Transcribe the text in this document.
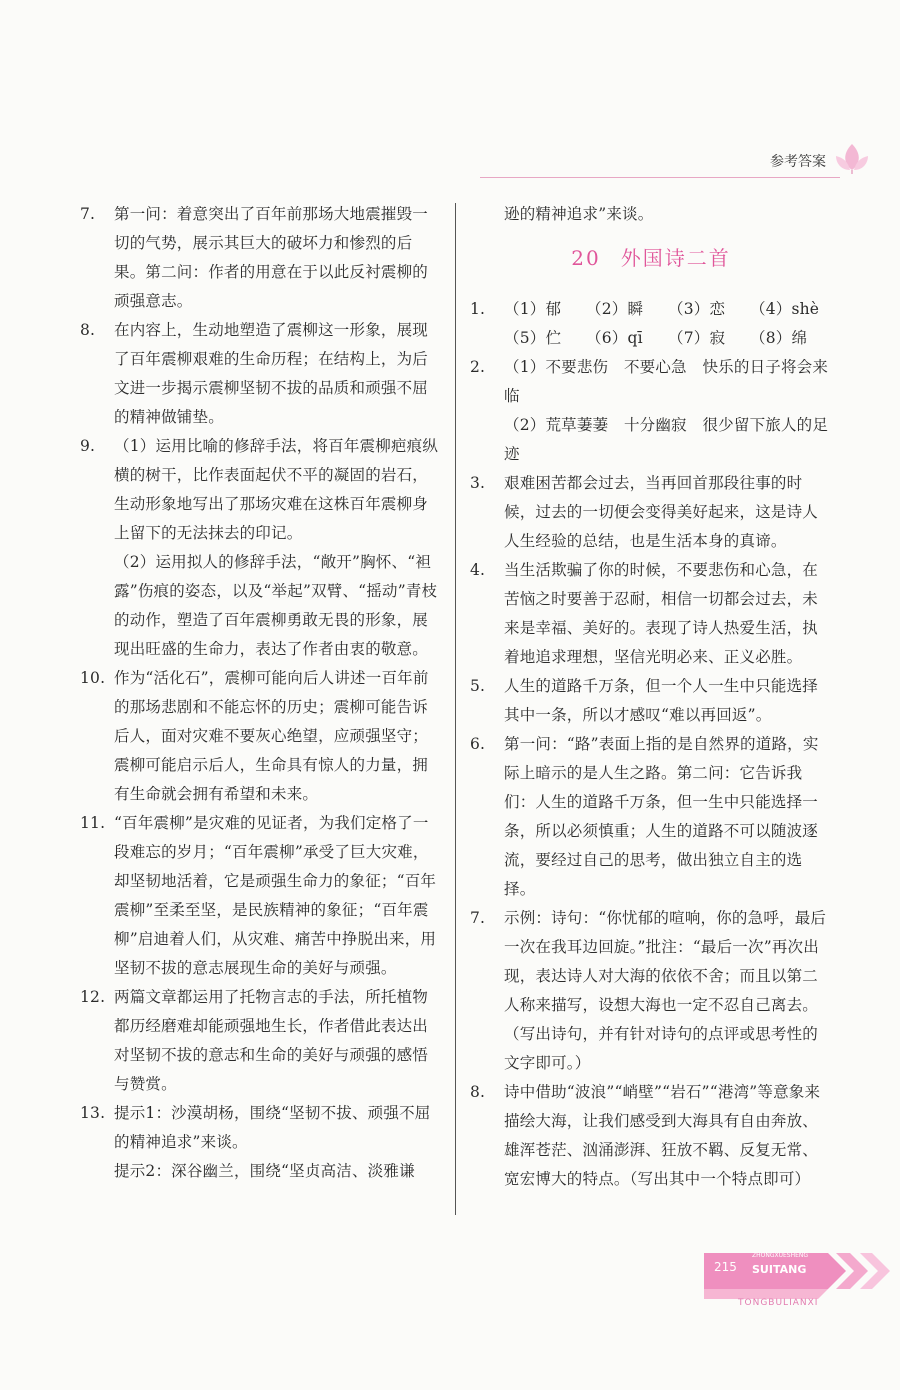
参考答案
7. 第一问：着意突出了百年前那场大地震摧毁一切的气势，展示其巨大的破坏力和惨烈的后果。第二问：作者的用意在于以此反衬震柳的顽强意志。
8. 在内容上，生动地塑造了震柳这一形象，展现了百年震柳艰难的生命历程；在结构上，为后文进一步揭示震柳坚韧不拔的品质和顽强不屈的精神做铺垫。
9. （1）运用比喻的修辞手法，将百年震柳疤痕纵横的树干，比作表面起伏不平的凝固的岩石，生动形象地写出了那场灾难在这株百年震柳身上留下的无法抹去的印记。
（2）运用拟人的修辞手法，“敞开”胸怀、“袒露”伤痕的姿态，以及“举起”双臂、“摇动”青枝的动作，塑造了百年震柳勇敢无畏的形象，展现出旺盛的生命力，表达了作者由衷的敬意。
10. 作为“活化石”，震柳可能向后人讲述一百年前的那场悲剧和不能忘怀的历史；震柳可能告诉后人，面对灾难不要灰心绝望，应顽强坚守；震柳可能启示后人，生命具有惊人的力量，拥有生命就会拥有希望和未来。
11. “百年震柳”是灾难的见证者，为我们定格了一段难忘的岁月；“百年震柳”承受了巨大灾难，却坚韧地活着，它是顽强生命力的象征；“百年震柳”至柔至坚，是民族精神的象征；“百年震柳”启迪着人们，从灾难、痛苦中挣脱出来，用坚韧不拔的意志展现生命的美好与顽强。
12. 两篇文章都运用了托物言志的手法，所托植物都历经磨难却能顽强地生长，作者借此表达出对坚韧不拔的意志和生命的美好与顽强的感悟与赞赏。
13. 提示1：沙漠胡杨，围绕“坚韧不拔、顽强不屈的精神追求”来谈。
提示2：深谷幽兰，围绕“坚贞高洁、淡雅谦
逊的精神追求”来谈。
20 外国诗二首
1. （1）郁	（2）瞬	（3）恋	（4）shè
（5）伫	（6）qī	（7）寂	（8）绵
2. （1）不要悲伤　不要心急　快乐的日子将会来临
（2）荒草萋萋　十分幽寂　很少留下旅人的足迹
3. 艰难困苦都会过去，当再回首那段往事的时候，过去的一切便会变得美好起来，这是诗人人生经验的总结，也是生活本身的真谛。
4. 当生活欺骗了你的时候，不要悲伤和心急，在苦恼之时要善于忍耐，相信一切都会过去，未来是幸福、美好的。表现了诗人热爱生活，执着地追求理想，坚信光明必来、正义必胜。
5. 人生的道路千万条，但一个人一生中只能选择其中一条，所以才感叹“难以再回返”。
6. 第一问：“路”表面上指的是自然界的道路，实际上暗示的是人生之路。第二问：它告诉我们：人生的道路千万条，但一生中只能选择一条，所以必须慎重；人生的道路不可以随波逐流，要经过自己的思考，做出独立自主的选择。
7. 示例：诗句：“你忧郁的喧响，你的急呼，最后一次在我耳边回旋。”批注：“最后一次”再次出现，表达诗人对大海的依依不舍；而且以第二人称来描写，设想大海也一定不忍自己离去。（写出诗句，并有针对诗句的点评或思考性的文字即可。）
8. 诗中借助“波浪”“峭壁”“岩石”“港湾”等意象来描绘大海，让我们感受到大海具有自由奔放、雄浑苍茫、汹涌澎湃、狂放不羁、反复无常、宽宏博大的特点。（写出其中一个特点即可）
215
ZHONGXUESHENG
SUITANG
TONGBULIANXI
